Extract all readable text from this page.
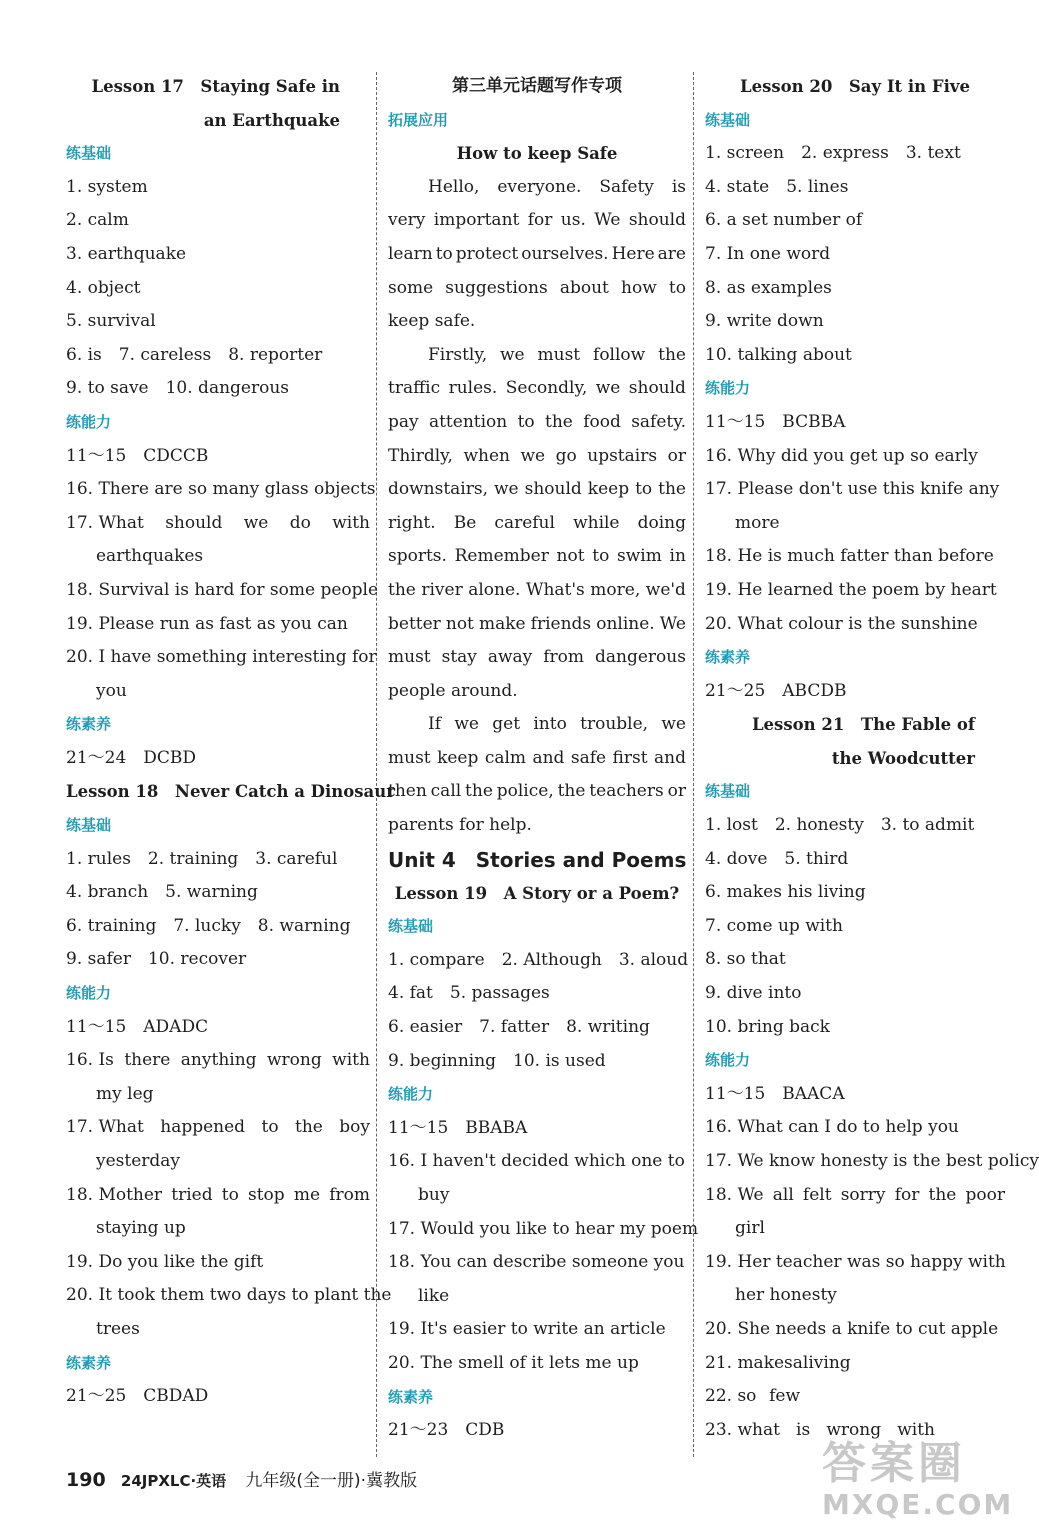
Lesson 17　Staying Safe in
an Earthquake
练基础
1. system
2. calm
3. earthquake
4. object
5. survival
6. is　7. careless　8. reporter
9. to save　10. dangerous
练能力
11～15　 CDCCB
16. There are so many glass objects
17. What should we do with
earthquakes
18. Survival is hard for some people
19. Please run as fast as you can
20. I have something interesting for
you
练素养
21～24　 DCBD
Lesson 18　Never Catch a Dinosaur
练基础
1. rules　2. training　3. careful
4. branch　5. warning
6. training　7. lucky　8. warning
9. safer　10. recover
练能力
11～15　 ADADC
16. Is there anything wrong with
my leg
17. What happened to the boy
yesterday
18. Mother tried to stop me from
staying up
19. Do you like the gift
20. It took them two days to plant the
trees
练素养
21～25　 CBDAD
第三单元话题写作专项
拓展应用
How to keep Safe
Hello, everyone. Safety is
very important for us. We should
learn to protect ourselves. Here are
some suggestions about how to
keep safe.
Firstly, we must follow the
traffic rules. Secondly, we should
pay attention to the food safety.
Thirdly, when we go upstairs or
downstairs, we should keep to the
right. Be careful while doing
sports. Remember not to swim in
the river alone. What's more, we'd
better not make friends online. We
must stay away from dangerous
people around.
If we get into trouble, we
must keep calm and safe first and
then call the police, the teachers or
parents for help.
Unit 4　Stories and Poems
Lesson 19　A Story or a Poem?
练基础
1. compare　2. Although　3. aloud
4. fat　5. passages
6. easier　7. fatter　8. writing
9. beginning　10. is used
练能力
11～15　 BBABA
16. I haven't decided which one to
buy
17. Would you like to hear my poem
18. You can describe someone you
like
19. It's easier to write an article
20. The smell of it lets me up
练素养
21～23　 CDB
Lesson 20　Say It in Five
练基础
1. screen　2. express　3. text
4. state　5. lines
6. a set number of
7. In one word
8. as examples
9. write down
10. talking about
练能力
11～15　 BCBBA
16. Why did you get up so early
17. Please don't use this knife any
more
18. He is much fatter than before
19. He learned the poem by heart
20. What colour is the sunshine
练素养
21～25　 ABCDB
Lesson 21　The Fable of
the Woodcutter
练基础
1. lost　2. honesty　3. to admit
4. dove　5. third
6. makes his living
7. come up with
8. so that
9. dive into
10. bring back
练能力
11～15　 BAACA
16. What can I do to help you
17. We know honesty is the best policy
18. We all felt sorry for the poor
girl
19. Her teacher was so happy with
her honesty
20. She needs a knife to cut apple
21. makes a living
22. so few
23. what is wrong with
190 24JPXLC·英语 九年级(全一册)·冀教版	答案圈
MXQE.COM
